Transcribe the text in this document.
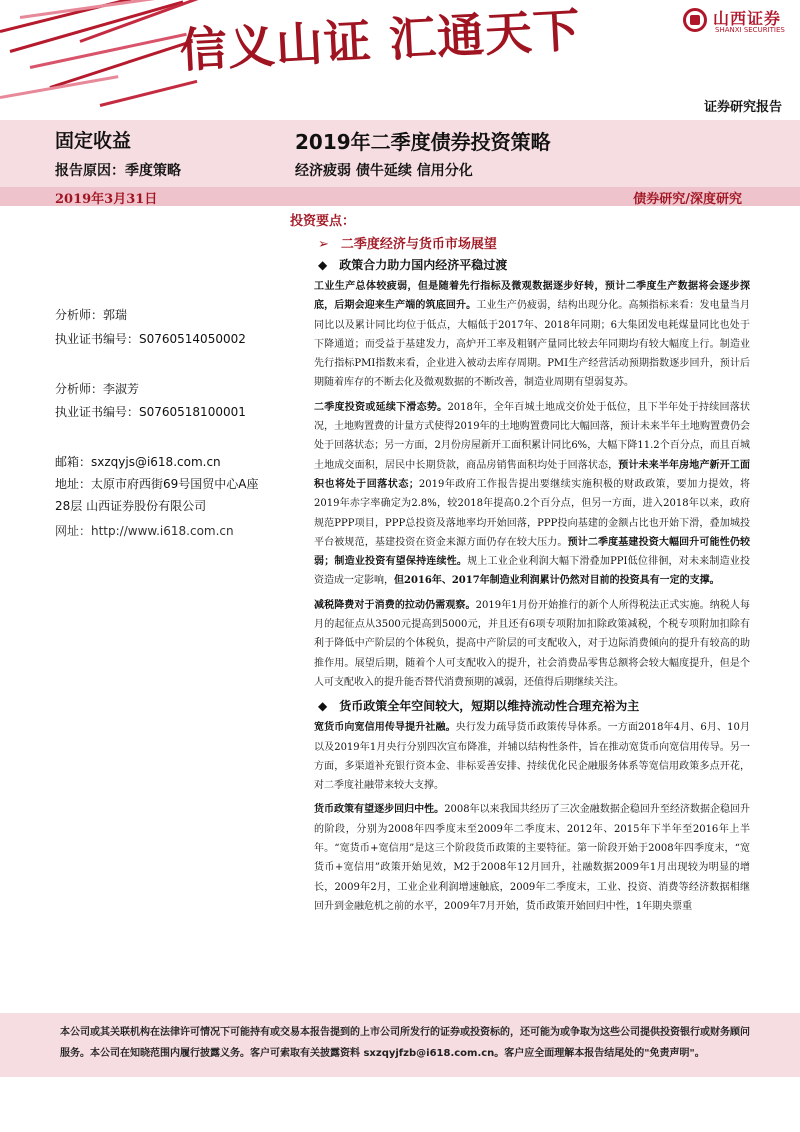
信义山证 汇通天下	山西证券
SHANXI SECURITIES
证券研究报告
固定收益	2019年二季度债券投资策略
报告原因：季度策略	经济疲弱 债牛延续 信用分化
2019年3月31日	债券研究/深度研究
分析师：郭瑞
执业证书编号：S0760514050002
分析师：李淑芳
执业证书编号：S0760518100001
邮箱：sxzqyjs@i618.com.cn
地址：太原市府西街69号国贸中心A座
28层 山西证券股份有限公司
网址：http://www.i618.com.cn
投资要点：
➢ 二季度经济与货币市场展望
◆ 政策合力助力国内经济平稳过渡
工业生产总体较疲弱，但是随着先行指标及微观数据逐步好转，预计二季度生产数据将会逐步探底，后期会迎来生产端的筑底回升。工业生产仍疲弱，结构出现分化。高频指标来看：发电量当月同比以及累计同比均位于低点，大幅低于2017年、2018年同期；6大集团发电耗煤量同比也处于下降通道；而受益于基建发力，高炉开工率及粗钢产量同比较去年同期均有较大幅度上行。制造业先行指标PMI指数来看，企业进入被动去库存周期。PMI生产经营活动预期指数逐步回升，预计后期随着库存的不断去化及微观数据的不断改善，制造业周期有望弱复苏。
二季度投资或延续下滑态势。2018年，全年百城土地成交价处于低位，且下半年处于持续回落状况，土地购置费的计量方式使得2019年的土地购置费同比大幅回落，预计未来半年土地购置费仍会处于回落状态；另一方面，2月份房屋新开工面积累计同比6%，大幅下降11.2个百分点，而且百城土地成交面积，居民中长期贷款，商品房销售面积均处于回落状态，预计未来半年房地产新开工面积也将处于回落状态；2019年政府工作报告提出要继续实施积极的财政政策，要加力提效，将2019年赤字率确定为2.8%，较2018年提高0.2个百分点，但另一方面，进入2018年以来，政府规范PPP项目，PPP总投资及落地率均开始回落，PPP投向基建的金额占比也开始下滑，叠加城投平台被规范，基建投资在资金来源方面仍存在较大压力。预计二季度基建投资大幅回升可能性仍较弱；制造业投资有望保持连续性。规上工业企业利润大幅下滑叠加PPI低位徘徊，对未来制造业投资造成一定影响，但2016年、2017年制造业利润累计仍然对目前的投资具有一定的支撑。
减税降费对于消费的拉动仍需观察。2019年1月份开始推行的新个人所得税法正式实施。纳税人每月的起征点从3500元提高到5000元，并且还有6项专项附加扣除政策减税，个税专项附加扣除有利于降低中产阶层的个体税负，提高中产阶层的可支配收入，对于边际消费倾向的提升有较高的助推作用。展望后期，随着个人可支配收入的提升，社会消费品零售总额将会较大幅度提升，但是个人可支配收入的提升能否替代消费预期的减弱，还值得后期继续关注。
◆ 货币政策全年空间较大，短期以维持流动性合理充裕为主
宽货币向宽信用传导提升社融。央行发力疏导货币政策传导体系。一方面2018年4月、6月、10月以及2019年1月央行分别四次宣布降准，并辅以结构性条件，旨在推动宽货币向宽信用传导。另一方面，多渠道补充银行资本金、非标妥善安排、持续优化民企融服务体系等宽信用政策多点开花，对二季度社融带来较大支撑。
货币政策有望逐步回归中性。2008年以来我国共经历了三次金融数据企稳回升至经济数据企稳回升的阶段，分别为2008年四季度末至2009年二季度末、2012年、2015年下半年至2016年上半年。“宽货币+宽信用”是这三个阶段货币政策的主要特征。第一阶段开始于2008年四季度末，“宽货币+宽信用”政策开始见效，M2于2008年12月回升，社融数据2009年1月出现较为明显的增长，2009年2月，工业企业利润增速触底，2009年二季度末，工业、投资、消费等经济数据相继回升到金融危机之前的水平，2009年7月开始，货币政策开始回归中性，1年期央票重
本公司或其关联机构在法律许可情况下可能持有或交易本报告提到的上市公司所发行的证券或投资标的，还可能为或争取为这些公司提供投资银行或财务顾问服务。本公司在知晓范围内履行披露义务。客户可索取有关披露资料 sxzqyjfzb@i618.com.cn。客户应全面理解本报告结尾处的"免责声明"。
